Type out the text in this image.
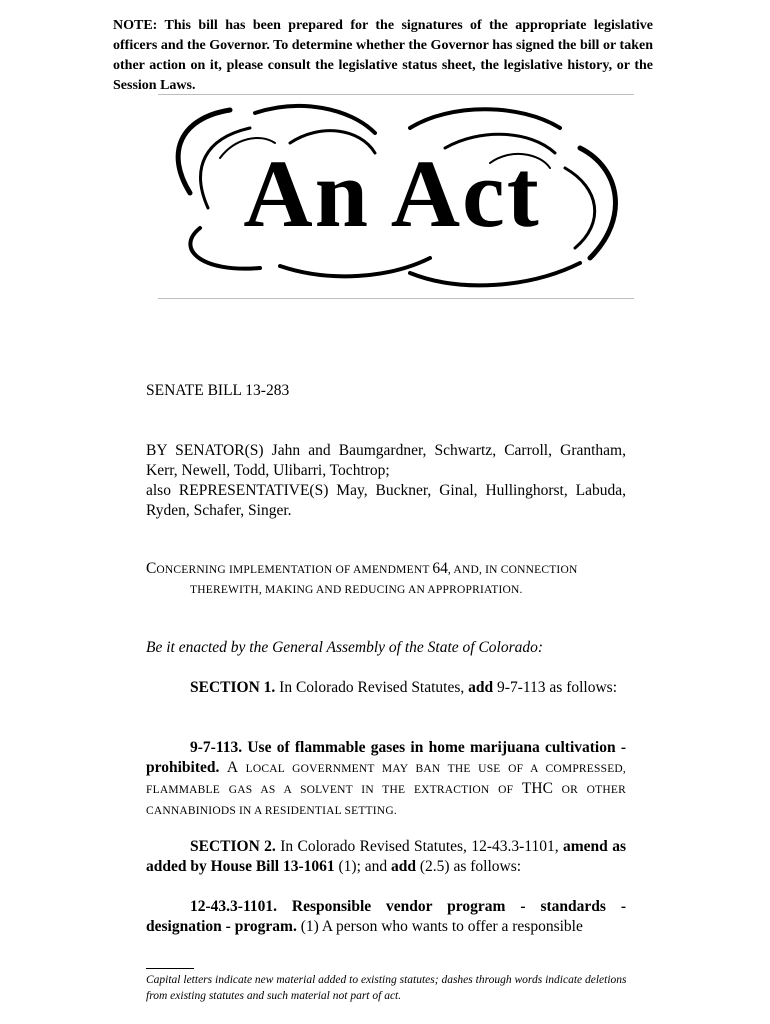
NOTE: This bill has been prepared for the signatures of the appropriate legislative officers and the Governor. To determine whether the Governor has signed the bill or taken other action on it, please consult the legislative status sheet, the legislative history, or the Session Laws.
An Act
SENATE BILL 13-283
BY SENATOR(S) Jahn and Baumgardner, Schwartz, Carroll, Grantham, Kerr, Newell, Todd, Ulibarri, Tochtrop;
also REPRESENTATIVE(S) May, Buckner, Ginal, Hullinghorst, Labuda, Ryden, Schafer, Singer.
CONCERNING IMPLEMENTATION OF AMENDMENT 64, AND, IN CONNECTION
THEREWITH, MAKING AND REDUCING AN APPROPRIATION.
Be it enacted by the General Assembly of the State of Colorado:
SECTION 1. In Colorado Revised Statutes, add 9-7-113 as follows:
9-7-113. Use of flammable gases in home marijuana cultivation - prohibited. A LOCAL GOVERNMENT MAY BAN THE USE OF A COMPRESSED, FLAMMABLE GAS AS A SOLVENT IN THE EXTRACTION OF THC OR OTHER CANNABINIODS IN A RESIDENTIAL SETTING.
SECTION 2. In Colorado Revised Statutes, 12-43.3-1101, amend as added by House Bill 13-1061 (1); and add (2.5) as follows:
12-43.3-1101. Responsible vendor program - standards - designation - program. (1) A person who wants to offer a responsible
Capital letters indicate new material added to existing statutes; dashes through words indicate deletions from existing statutes and such material not part of act.
